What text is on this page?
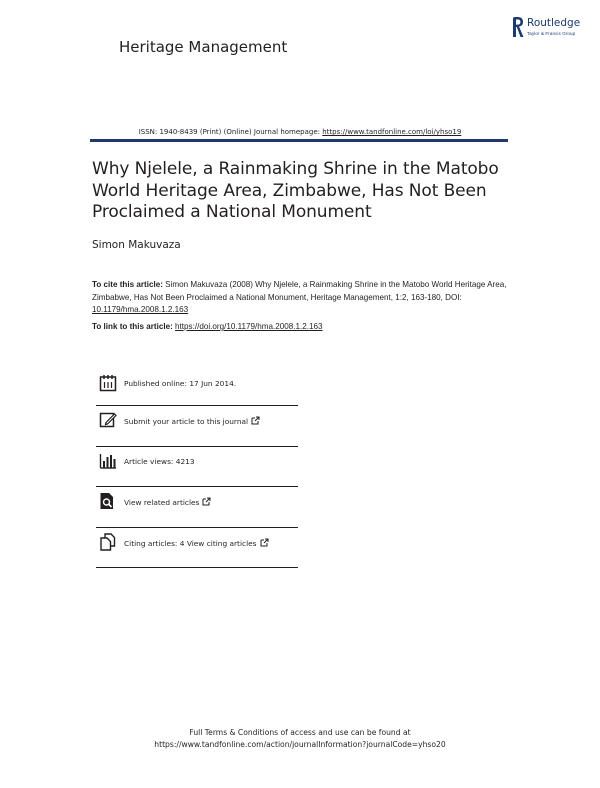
Heritage Management
Routledge
Taylor & Francis Group
ISSN: 1940-8439 (Print) (Online) Journal homepage: https://www.tandfonline.com/loi/yhso19
Why Njelele, a Rainmaking Shrine in the Matobo World Heritage Area, Zimbabwe, Has Not Been Proclaimed a National Monument
Simon Makuvaza
To cite this article: Simon Makuvaza (2008) Why Njelele, a Rainmaking Shrine in the Matobo World Heritage Area, Zimbabwe, Has Not Been Proclaimed a National Monument, Heritage Management, 1:2, 163-180, DOI: 10.1179/hma.2008.1.2.163
To link to this article: https://doi.org/10.1179/hma.2008.1.2.163
Published online: 17 Jun 2014.
Submit your article to this journal
Article views: 4213
View related articles
Citing articles: 4 View citing articles
Full Terms & Conditions of access and use can be found at
https://www.tandfonline.com/action/journalInformation?journalCode=yhso20
